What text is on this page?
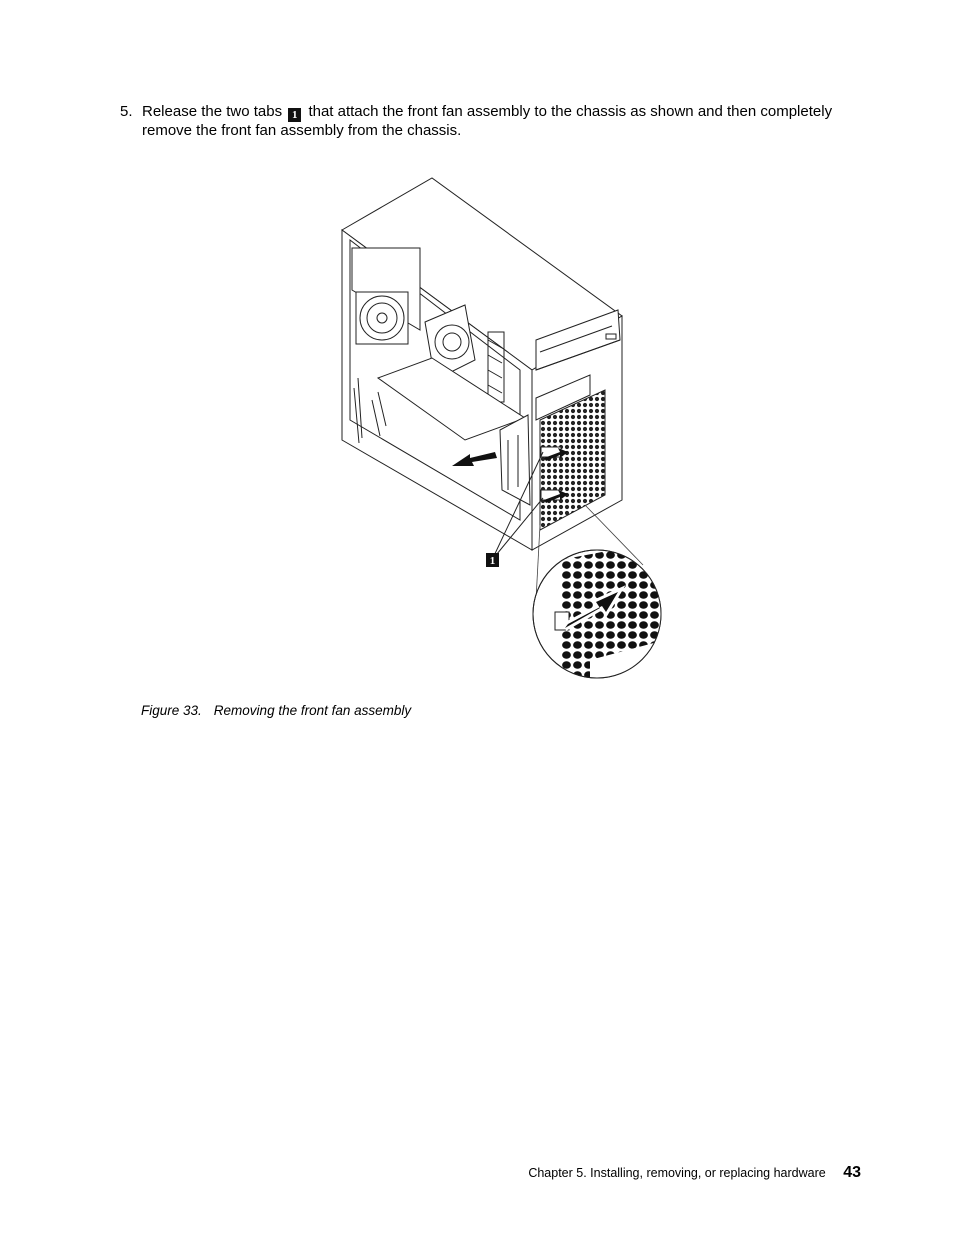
5. Release the two tabs 1 that attach the front fan assembly to the chassis as shown and then completely remove the front fan assembly from the chassis.
1
Figure 33. Removing the front fan assembly
Chapter 5. Installing, removing, or replacing hardware 43
